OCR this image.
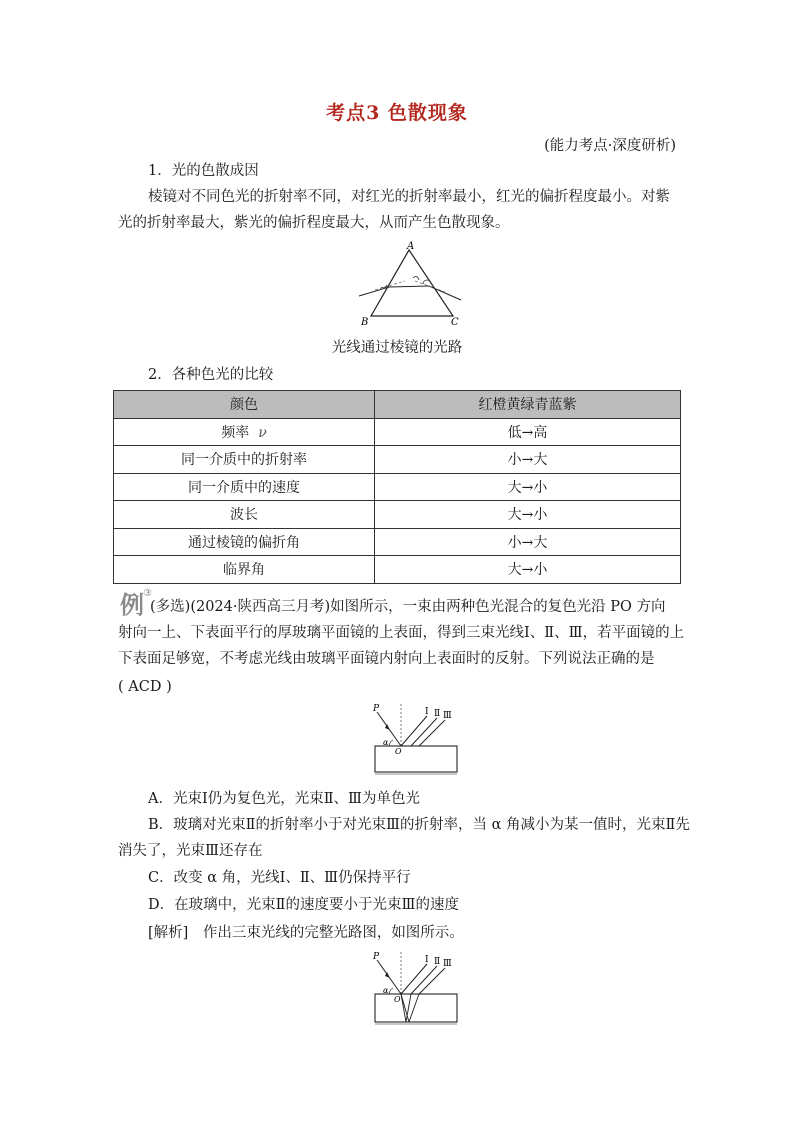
考点3 色散现象
(能力考点·深度研析)
1．光的色散成因
棱镜对不同色光的折射率不同，对红光的折射率最小，红光的偏折程度最小。对紫光的折射率最大，紫光的偏折程度最大，从而产生色散现象。
A
B	C
光线通过棱镜的光路
2．各种色光的比较
颜色	红橙黄绿青蓝紫
频率 ν	低→高
同一介质中的折射率	小→大
同一介质中的速度	大→小
波长	大→小
通过棱镜的偏折角	小→大
临界角	大→小
例 ③
(多选)(2024·陕西高三月考)如图所示，一束由两种色光混合的复色光沿 PO 方向
射向一上、下表面平行的厚玻璃平面镜的上表面，得到三束光线Ⅰ、Ⅱ、Ⅲ，若平面镜的上
下表面足够宽，不考虑光线由玻璃平面镜内射向上表面时的反射。下列说法正确的是
( ACD )
P
O
α
Ⅰ Ⅱ Ⅲ
A．光束Ⅰ仍为复色光，光束Ⅱ、Ⅲ为单色光
B．玻璃对光束Ⅱ的折射率小于对光束Ⅲ的折射率，当 α 角减小为某一值时，光束Ⅱ先
消失了，光束Ⅲ还存在
C．改变 α 角，光线Ⅰ、Ⅱ、Ⅲ仍保持平行
D．在玻璃中，光束Ⅱ的速度要小于光束Ⅲ的速度
[解析]　作出三束光线的完整光路图，如图所示。
P
O
α
Ⅰ Ⅱ Ⅲ
